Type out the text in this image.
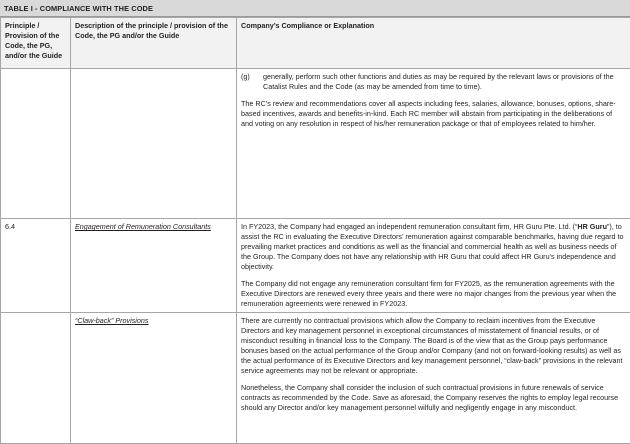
TABLE I - COMPLIANCE WITH THE CODE
Principle / Provision of the Code, the PG, and/or the Guide	Description of the principle / provision of the Code, the PG and/or the Guide	Company’s Compliance or Explanation

		(g) generally, perform such other functions and duties as may be required by the relevant laws or provisions of the Catalist Rules and the Code (as may be amended from time to time).

The RC’s review and recommendations cover all aspects including fees, salaries, allowance, bonuses, options, share-based incentives, awards and benefits-in-kind. Each RC member will abstain from participating in the deliberations of and voting on any resolution in respect of his/her remuneration package or that of employees related to him/her.

6.4	Engagement of Remuneration Consultants	In FY2023, the Company had engaged an independent remuneration consultant firm, HR Guru Pte. Ltd. (“HR Guru”), to assist the RC in evaluating the Executive Directors’ remuneration against comparable benchmarks, having due regard to prevailing market practices and conditions as well as the financial and commercial health as well as business needs of the Group. The Company does not have any relationship with HR Guru that could affect HR Guru’s independence and objectivity.

The Company did not engage any remuneration consultant firm for FY2025, as the remuneration agreements with the Executive Directors are renewed every three years and there were no major changes from the previous year when the remuneration agreements were renewed in FY2023.

	“Claw-back” Provisions	There are currently no contractual provisions which allow the Company to reclaim incentives from the Executive Directors and key management personnel in exceptional circumstances of misstatement of financial results, or of misconduct resulting in financial loss to the Company. The Board is of the view that as the Group pays performance bonuses based on the actual performance of the Group and/or Company (and not on forward-looking results) as well as the actual performance of its Executive Directors and key management personnel, “claw-back” provisions in the relevant service agreements may not be relevant or appropriate.

Nonetheless, the Company shall consider the inclusion of such contractual provisions in future renewals of service contracts as recommended by the Code. Save as aforesaid, the Company reserves the rights to employ legal recourse should any Director and/or key management personnel wilfully and negligently engage in any misconduct.
